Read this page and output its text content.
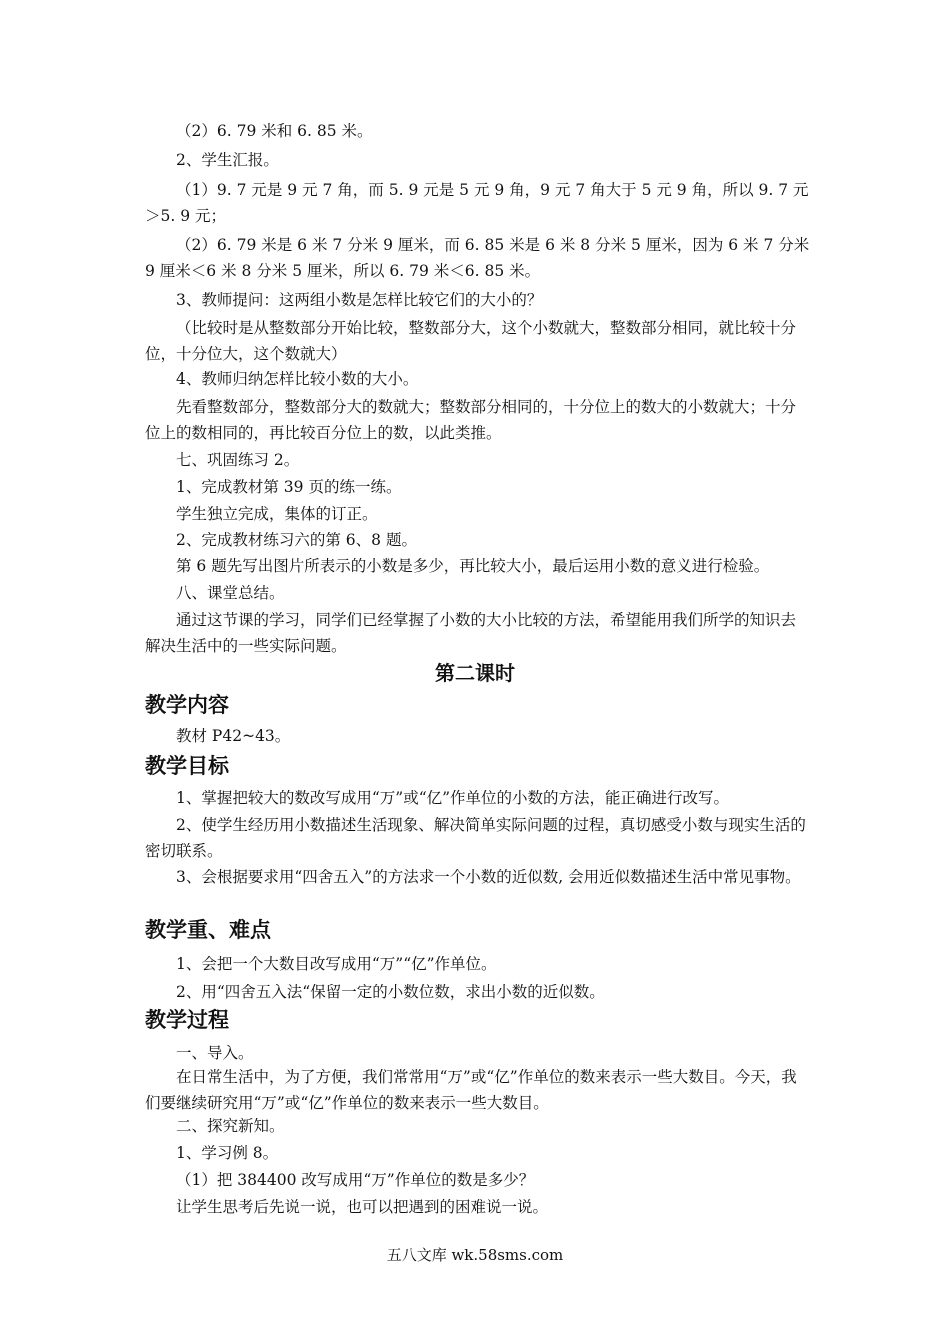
（2）6. 79 米和 6. 85 米。

2、学生汇报。

（1）9. 7 元是 9 元 7 角，而 5. 9 元是 5 元 9 角，9 元 7 角大于 5 元 9 角，所以 9. 7 元＞5. 9 元；

（2）6. 79 米是 6 米 7 分米 9 厘米，而 6. 85 米是 6 米 8 分米 5 厘米，因为 6 米 7 分米 9 厘米＜6 米 8 分米 5 厘米，所以 6. 79 米＜6. 85 米。

3、教师提问：这两组小数是怎样比较它们的大小的？

（比较时是从整数部分开始比较，整数部分大，这个小数就大，整数部分相同，就比较十分位，十分位大，这个数就大）

4、教师归纳怎样比较小数的大小。

先看整数部分，整数部分大的数就大；整数部分相同的，十分位上的数大的小数就大；十分位上的数相同的，再比较百分位上的数，以此类推。

七、巩固练习 2。

1、完成教材第 39 页的练一练。

学生独立完成，集体的订正。

2、完成教材练习六的第 6、8 题。

第 6 题先写出图片所表示的小数是多少，再比较大小，最后运用小数的意义进行检验。

八、课堂总结。

通过这节课的学习，同学们已经掌握了小数的大小比较的方法，希望能用我们所学的知识去解决生活中的一些实际问题。

第二课时
教学内容

教材 P42~43。

教学目标

1、掌握把较大的数改写成用“万”或“亿”作单位的小数的方法，能正确进行改写。

2、使学生经历用小数描述生活现象、解决简单实际问题的过程，真切感受小数与现实生活的密切联系。

3、会根据要求用“四舍五入”的方法求一个小数的近似数, 会用近似数描述生活中常见事物。

教学重、难点

1、会把一个大数目改写成用“万”“亿”作单位。

2、用“四舍五入法“保留一定的小数位数，求出小数的近似数。

教学过程

一、导入。

在日常生活中，为了方便，我们常常用“万”或“亿”作单位的数来表示一些大数目。今天，我们要继续研究用“万”或“亿”作单位的数来表示一些大数目。

二、探究新知。

1、学习例 8。

（1）把 384400 改写成用“万”作单位的数是多少？

让学生思考后先说一说，也可以把遇到的困难说一说。

五八文库 wk.58sms.com
